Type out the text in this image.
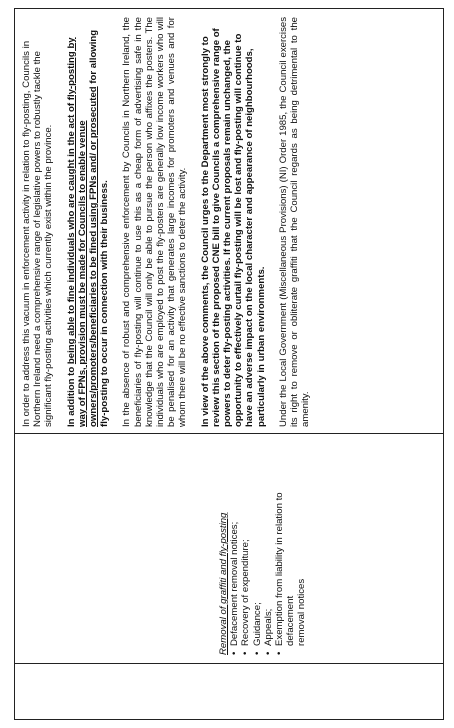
Removal of graffiti and fly-posting • Defacement removal notices; • Recovery of expenditure; • Guidance; • Appeals; • Exemption from liability in relation to defacement removal notices

In order to address this vacuum in enforcement activity in relation to fly-posting, Councils in Northern Ireland need a comprehensive range of legislative powers to robustly tackle the significant fly-posting activities which currently exist within the province. In addition to being able to fine individuals who are caught in the act of fly-posting by way of FPNs, provision must be made for Councils to enable venue owners/promoters/beneficiaries to be fined using FPNs and/ or prosecuted for allowing fly-posting to occur in connection with their business. In the absence of robust and comprehensive enforcement by Councils in Northern Ireland, the beneficiaries of fly-posting will continue to use this as a cheap form of advertising safe in the knowledge that the Council will only be able to pursue the person who affixes the posters. The individuals who are employed to post the fly-posters are generally low income workers who will be penalised for an activity that generates large incomes for promoters and venues and for whom there will be no effective sanctions to deter the activity. In view of the above comments, the Council urges to the Department most strongly to review this section of the proposed CNE bill to give Councils a comprehensive range of powers to deter fly-posting activities. If the current proposals remain unchanged, the opportunity to effectively curtail fly-posting will be lost and fly-posting will continue to have an adverse impact on the local character and appearance of neighbourhoods, particularly in urban environments. Under the Local Government (Miscellaneous Provisions) (NI) Order 1985, the Council exercises its right to remove or obliterate graffiti that the Council regards as being detrimental to the amenity.
